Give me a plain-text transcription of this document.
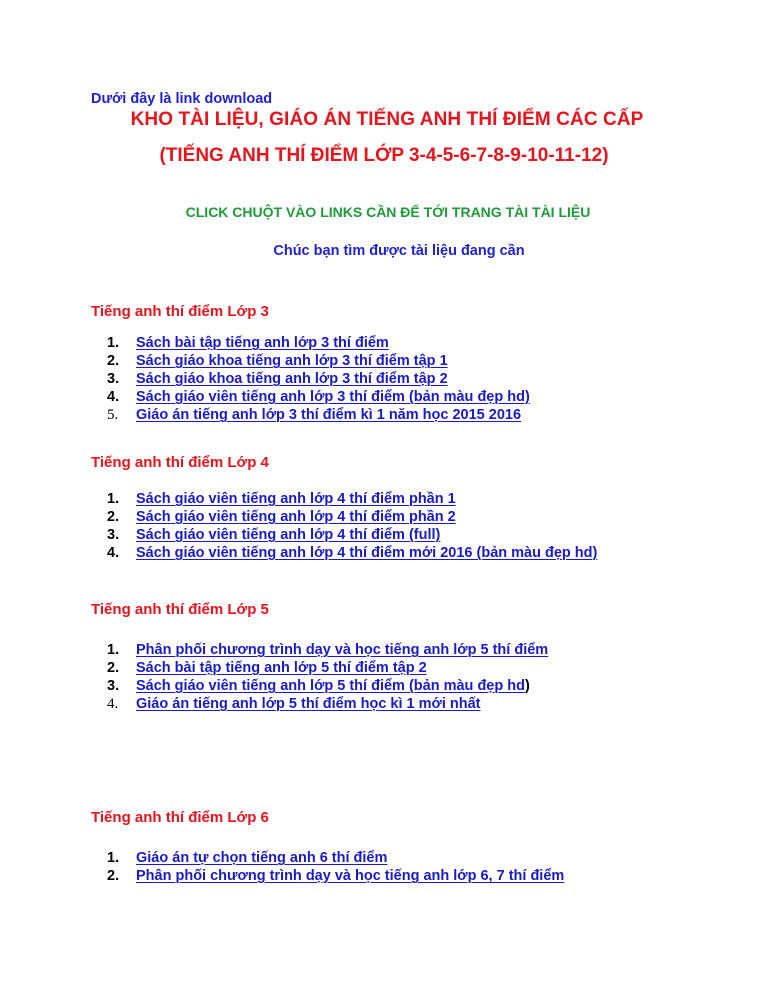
Dưới đây là link download
KHO TÀI LIỆU, GIÁO ÁN TIẾNG ANH THÍ ĐIỂM CÁC CẤP
(TIẾNG ANH THÍ ĐIỂM LỚP 3-4-5-6-7-8-9-10-11-12)
CLICK CHUỘT VÀO LINKS CẦN ĐỂ TỚI TRANG TÀI TÀI LIỆU
Chúc bạn tìm được tài liệu đang cần
Tiếng anh thí điểm Lớp 3
1. Sách bài tập tiếng anh lớp 3 thí điểm
2. Sách giáo khoa tiếng anh lớp 3 thí điểm tập 1
3. Sách giáo khoa tiếng anh lớp 3 thí điểm tập 2
4. Sách giáo viên tiếng anh lớp 3 thí điểm (bản màu đẹp hd)
5. Giáo án tiếng anh lớp 3 thí điểm kì 1 năm học 2015 2016
Tiếng anh thí điểm Lớp 4
1. Sách giáo viên tiếng anh lớp 4 thí điểm phần 1
2. Sách giáo viên tiếng anh lớp 4 thí điểm phần 2
3. Sách giáo viên tiếng anh lớp 4 thí điểm (full)
4. Sách giáo viên tiếng anh lớp 4 thí điểm mới 2016 (bản màu đẹp hd)
Tiếng anh thí điểm Lớp 5
1. Phân phối chương trình dạy và học tiếng anh lớp 5 thí điểm
2. Sách bài tập tiếng anh lớp 5 thí điểm tập 2
3. Sách giáo viên tiếng anh lớp 5 thí điểm (bản màu đẹp hd)
4. Giáo án tiếng anh lớp 5 thí điểm học kì 1 mới nhất
Tiếng anh thí điểm Lớp 6
1. Giáo án tự chọn tiếng anh 6 thí điểm
2. Phân phối chương trình dạy và học tiếng anh lớp 6, 7 thí điểm
